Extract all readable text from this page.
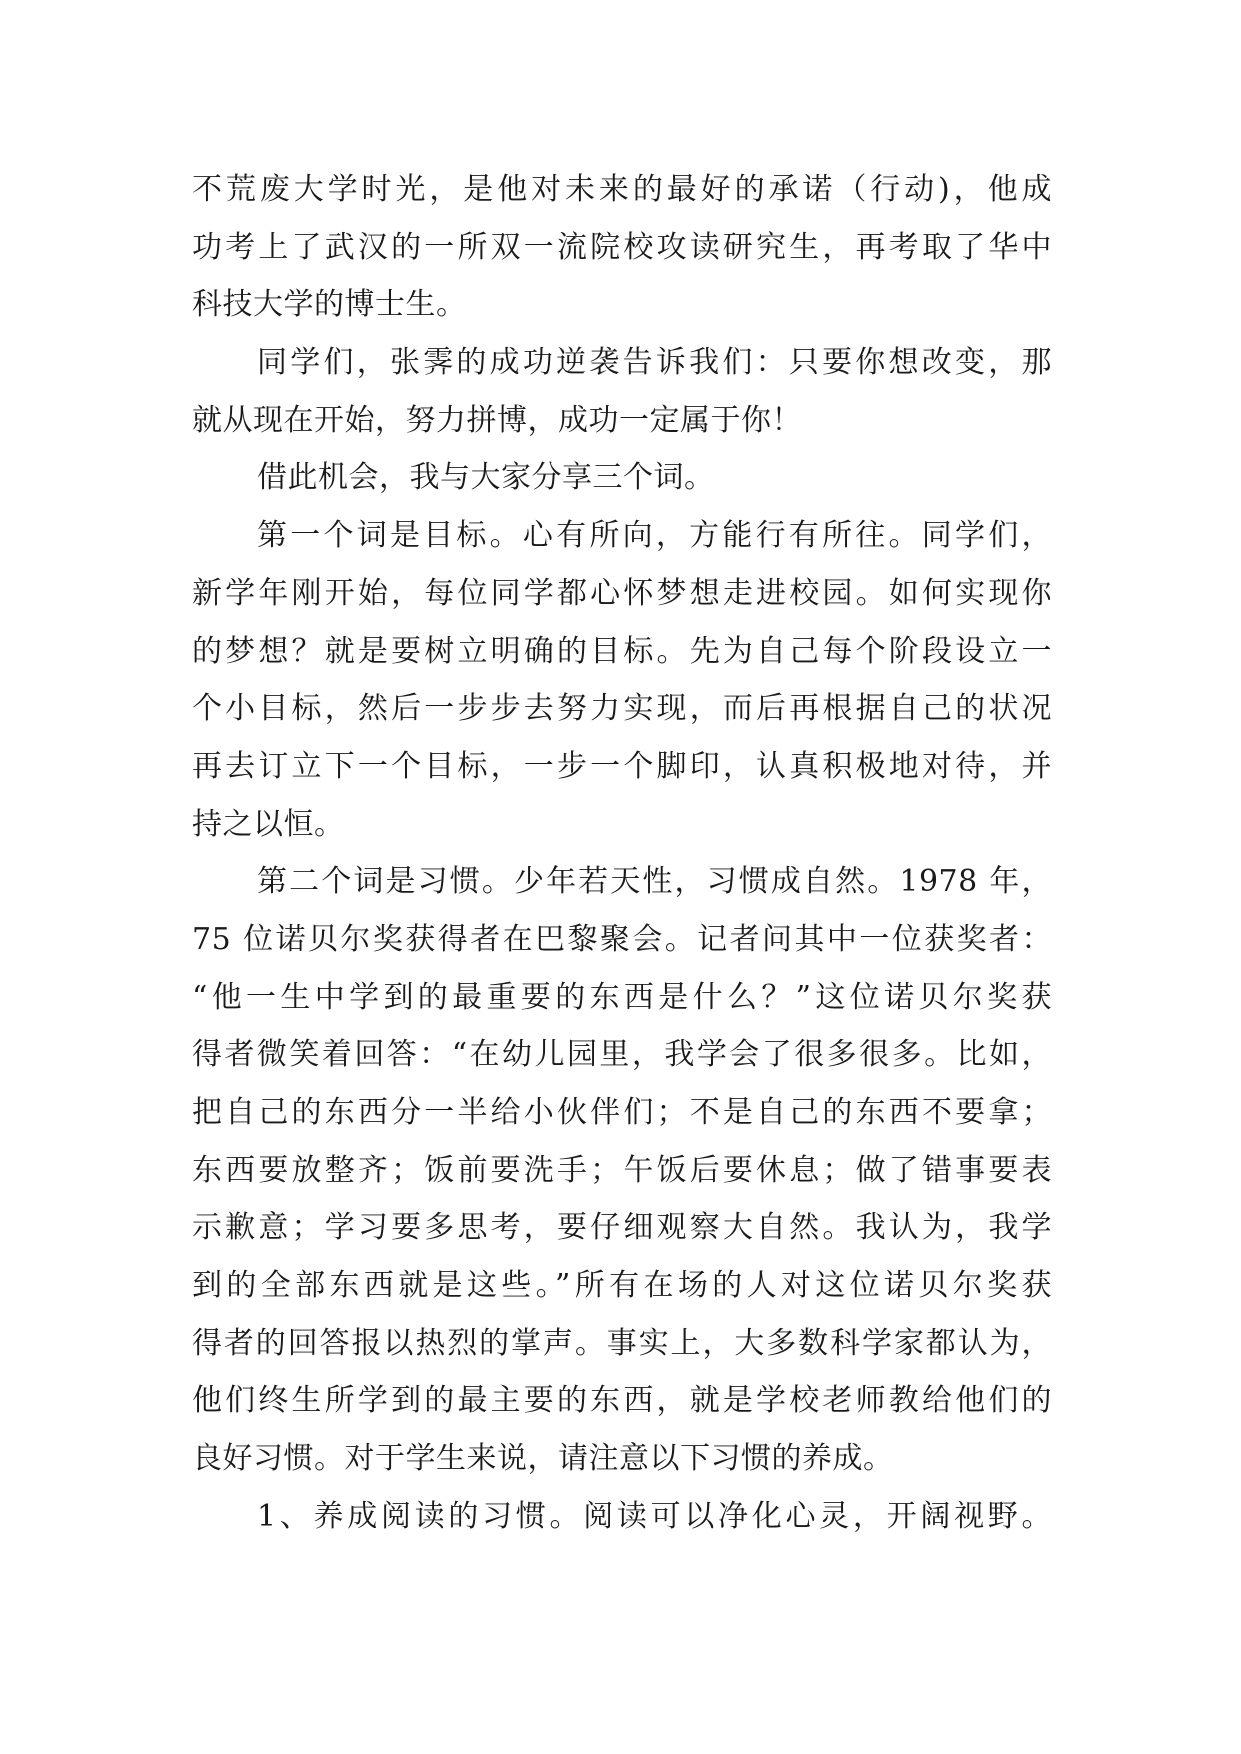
不荒废大学时光，是他对未来的最好的承诺（行动)，他成
功考上了武汉的一所双一流院校攻读研究生，再考取了华中
科技大学的博士生。
同学们，张霁的成功逆袭告诉我们：只要你想改变，那
就从现在开始，努力拼博，成功一定属于你！
借此机会，我与大家分享三个词。
第一个词是目标。心有所向，方能行有所往。同学们，
新学年刚开始，每位同学都心怀梦想走进校园。如何实现你
的梦想？就是要树立明确的目标。先为自己每个阶段设立一
个小目标，然后一步步去努力实现，而后再根据自己的状况
再去订立下一个目标，一步一个脚印，认真积极地对待，并
持之以恒。
第二个词是习惯。少年若天性，习惯成自然。1978 年，
75 位诺贝尔奖获得者在巴黎聚会。记者问其中一位获奖者：
“他一生中学到的最重要的东西是什么？”这位诺贝尔奖获
得者微笑着回答：“在幼儿园里，我学会了很多很多。比如，
把自己的东西分一半给小伙伴们；不是自己的东西不要拿；
东西要放整齐；饭前要洗手；午饭后要休息；做了错事要表
示歉意；学习要多思考，要仔细观察大自然。我认为，我学
到的全部东西就是这些。”所有在场的人对这位诺贝尔奖获
得者的回答报以热烈的掌声。事实上，大多数科学家都认为，
他们终生所学到的最主要的东西，就是学校老师教给他们的
良好习惯。对于学生来说，请注意以下习惯的养成。
1、养成阅读的习惯。阅读可以净化心灵，开阔视野。
